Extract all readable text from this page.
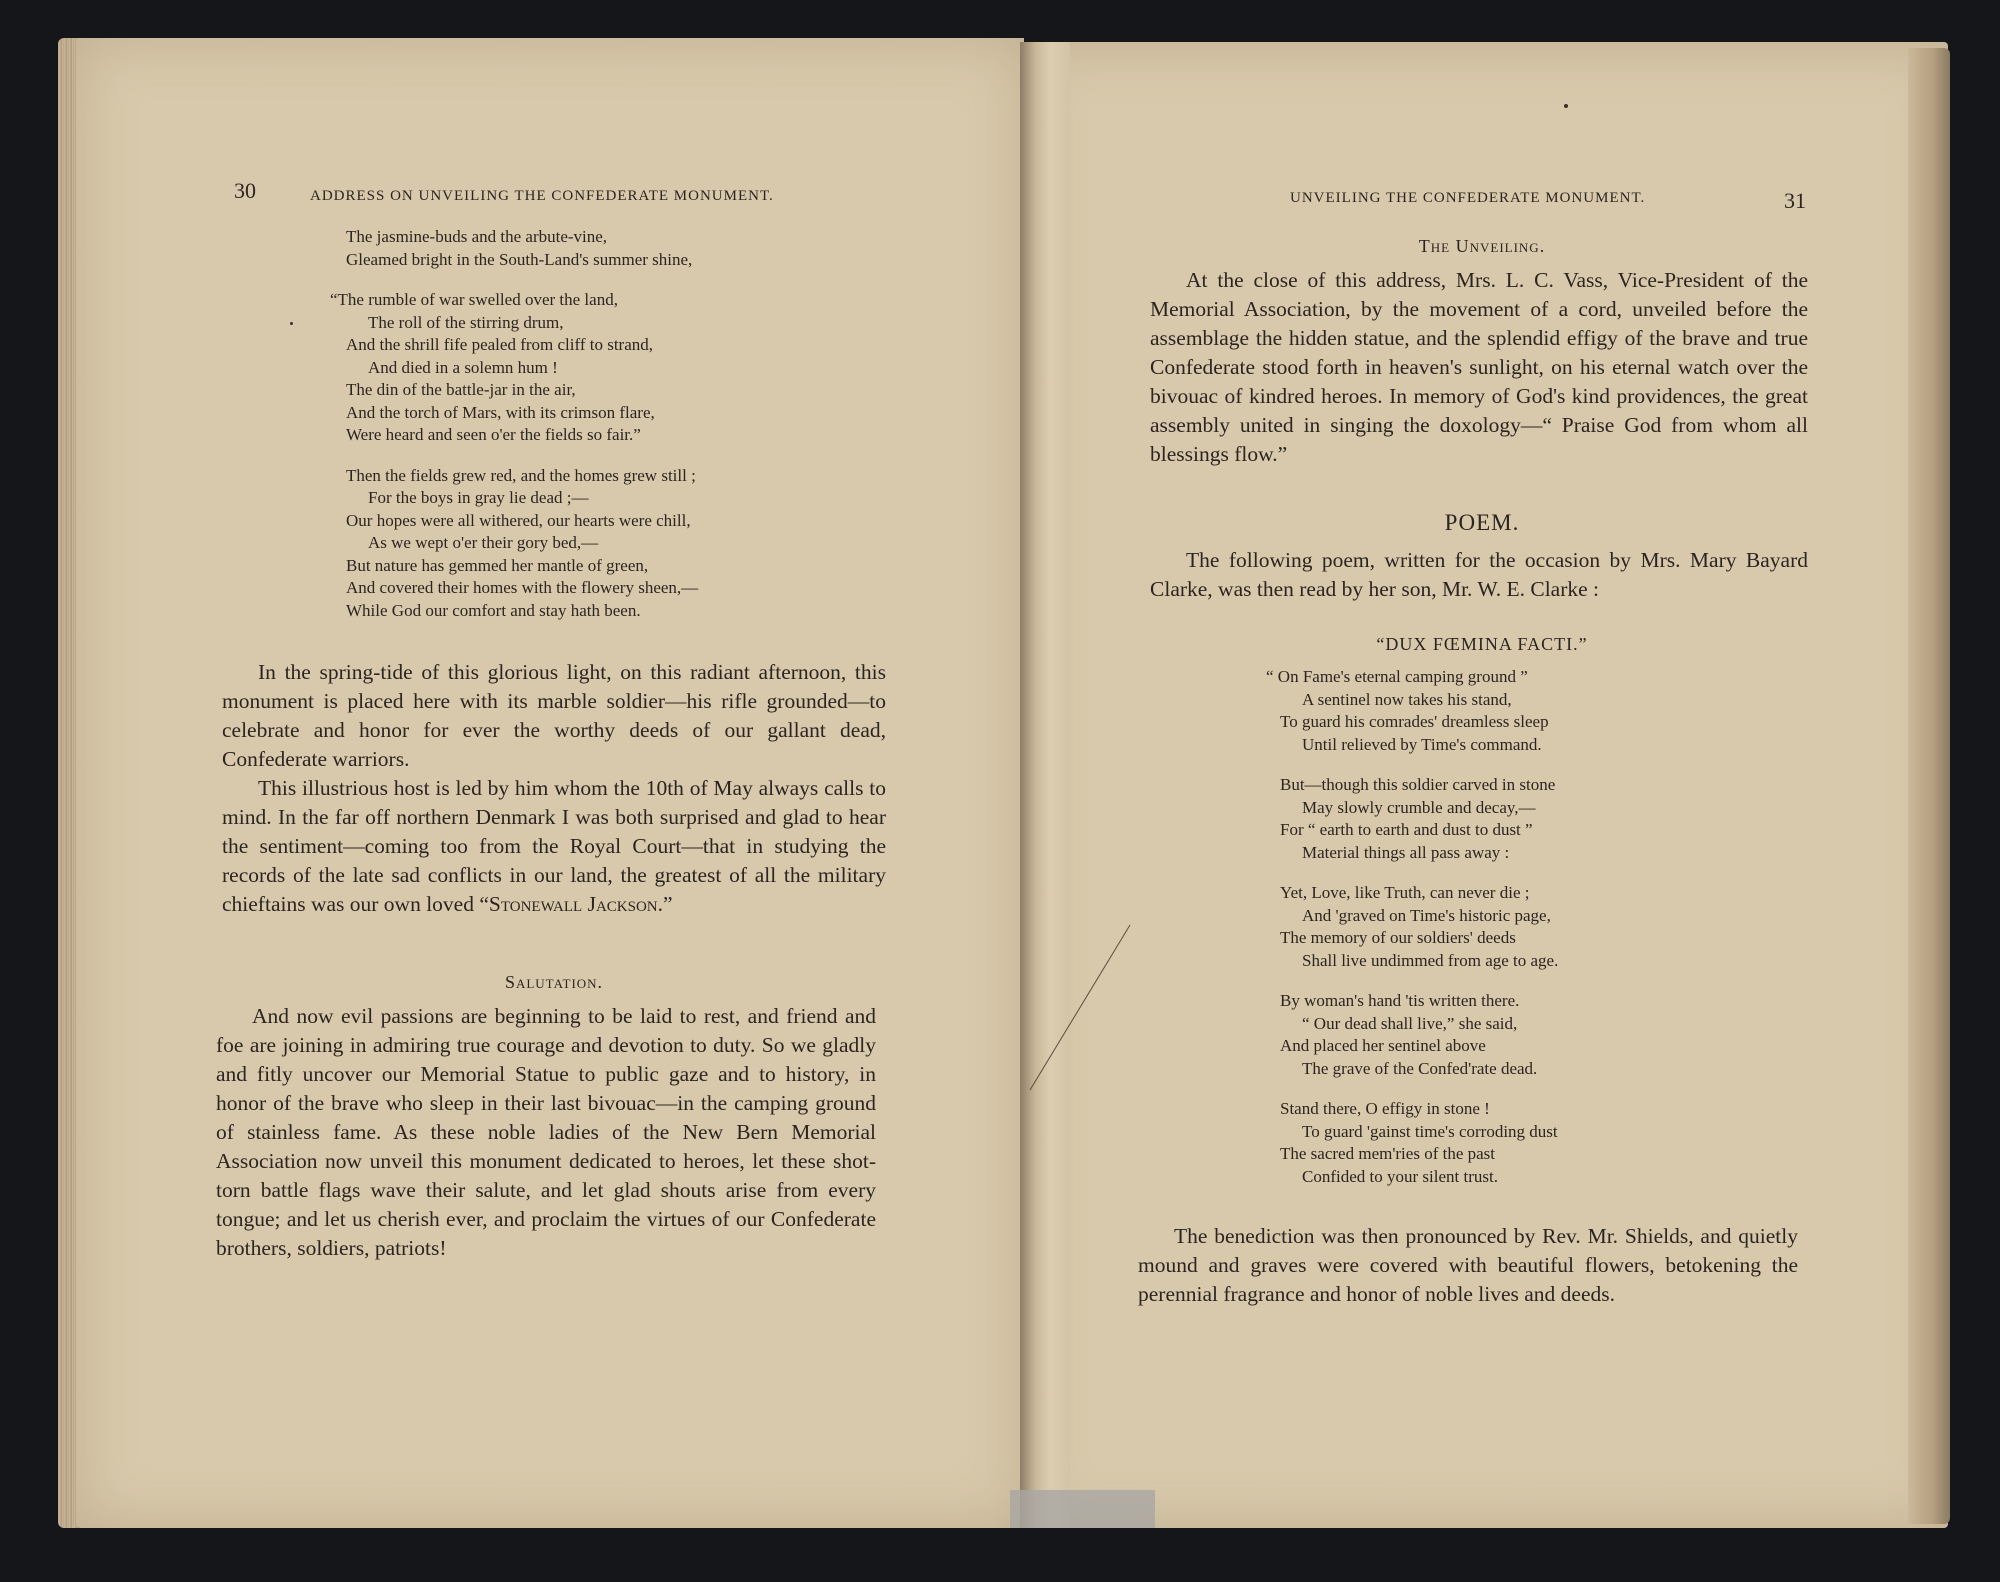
30	ADDRESS ON UNVEILING THE CONFEDERATE MONUMENT.

The jasmine-buds and the arbute-vine,

Gleamed bright in the South-Land's summer shine,

“The rumble of war swelled over the land,

The roll of the stirring drum,

And the shrill fife pealed from cliff to strand,

And died in a solemn hum !

The din of the battle-jar in the air,

And the torch of Mars, with its crimson flare,

Were heard and seen o'er the fields so fair.”

Then the fields grew red, and the homes grew still ;

For the boys in gray lie dead ;—

Our hopes were all withered, our hearts were chill,

As we wept o'er their gory bed,—

But nature has gemmed her mantle of green,

And covered their homes with the flowery sheen,—

While God our comfort and stay hath been.

In the spring-tide of this glorious light, on this radiant afternoon, this monument is placed here with its marble soldier—his rifle grounded—to celebrate and honor for ever the worthy deeds of our gallant dead, Confederate warriors.

This illustrious host is led by him whom the 10th of May always calls to mind. In the far off northern Denmark I was both surprised and glad to hear the sentiment—coming too from the Royal Court—that in studying the records of the late sad conflicts in our land, the greatest of all the military chieftains was our own loved “Stonewall Jackson.”

Salutation.

And now evil passions are beginning to be laid to rest, and friend and foe are joining in admiring true courage and devotion to duty. So we gladly and fitly uncover our Memorial Statue to public gaze and to history, in honor of the brave who sleep in their last bivouac—in the camping ground of stainless fame. As these noble ladies of the New Bern Memorial Association now unveil this monument dedicated to heroes, let these shot-torn battle flags wave their salute, and let glad shouts arise from every tongue; and let us cherish ever, and proclaim the virtues of our Confederate brothers, soldiers, patriots!

UNVEILING THE CONFEDERATE MONUMENT.	31
The Unveiling.

At the close of this address, Mrs. L. C. Vass, Vice-President of the Memorial Association, by the movement of a cord, unveiled before the assemblage the hidden statue, and the splendid effigy of the brave and true Confederate stood forth in heaven's sunlight, on his eternal watch over the bivouac of kindred heroes. In memory of God's kind providences, the great assembly united in singing the doxology—“ Praise God from whom all blessings flow.”

POEM.

The following poem, written for the occasion by Mrs. Mary Bayard Clarke, was then read by her son, Mr. W. E. Clarke :

“DUX FŒMINA FACTI.”

“ On Fame's eternal camping ground ”

A sentinel now takes his stand,

To guard his comrades' dreamless sleep

Until relieved by Time's command.

But—though this soldier carved in stone

May slowly crumble and decay,—

For “ earth to earth and dust to dust ”

Material things all pass away :

Yet, Love, like Truth, can never die ;

And 'graved on Time's historic page,

The memory of our soldiers' deeds

Shall live undimmed from age to age.

By woman's hand 'tis written there.

“ Our dead shall live,” she said,

And placed her sentinel above

The grave of the Confed'rate dead.

Stand there, O effigy in stone !

To guard 'gainst time's corroding dust

The sacred mem'ries of the past

Confided to your silent trust.

The benediction was then pronounced by Rev. Mr. Shields, and quietly mound and graves were covered with beautiful flowers, betokening the perennial fragrance and honor of noble lives and deeds.
